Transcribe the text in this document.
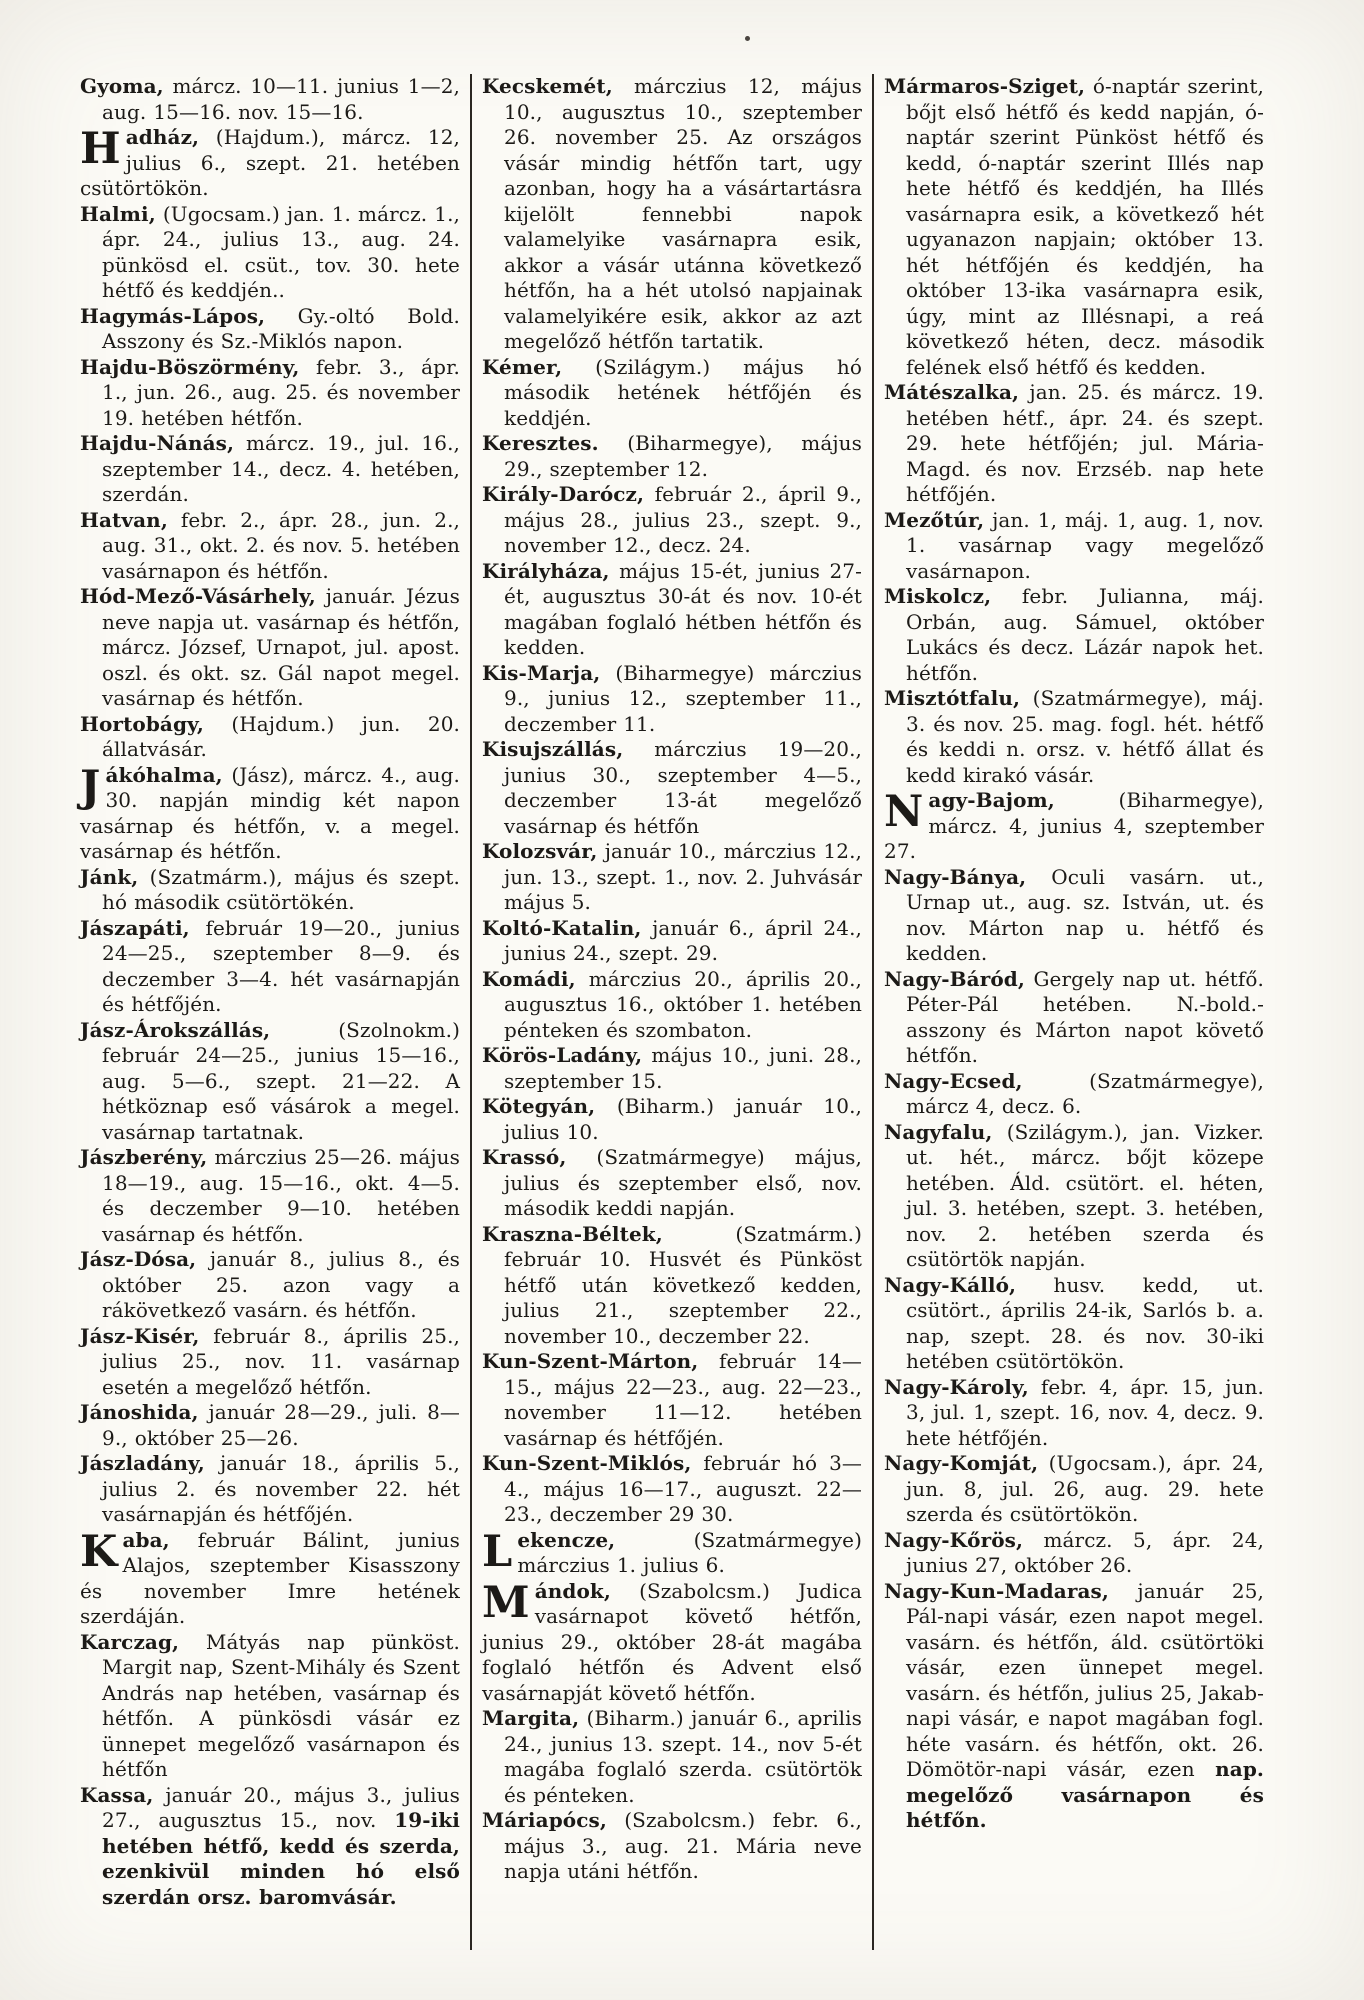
Gyoma, márcz. 10—11. junius 1—2, aug. 15—16. nov. 15—16.

Hadház, (Hajdum.), márcz. 12, julius 6., szept. 21. hetében csütörtökön.

Halmi, (Ugocsam.) jan. 1. márcz. 1., ápr. 24., julius 13., aug. 24. pünkösd el. csüt., tov. 30. hete hétfő és keddjén..

Hagymás-Lápos, Gy.-oltó Bold. Asszony és Sz.-Miklós napon.

Hajdu-Böszörmény, febr. 3., ápr. 1., jun. 26., aug. 25. és november 19. hetében hétfőn.

Hajdu-Nánás, márcz. 19., jul. 16., szeptember 14., decz. 4. hetében, szerdán.

Hatvan, febr. 2., ápr. 28., jun. 2., aug. 31., okt. 2. és nov. 5. hetében vasárnapon és hétfőn.

Hód-Mező-Vásárhely, január. Jézus neve napja ut. vasárnap és hétfőn, márcz. József, Urnapot, jul. apost. oszl. és okt. sz. Gál napot megel. vasárnap és hétfőn.

Hortobágy, (Hajdum.) jun. 20. állatvásár.

Jákóhalma, (Jász), márcz. 4., aug. 30. napján mindig két napon vasárnap és hétfőn, v. a megel. vasárnap és hétfőn.

Jánk, (Szatmárm.), május és szept. hó második csütörtökén.

Jászapáti, február 19—20., junius 24—25., szeptember 8—9. és deczember 3—4. hét vasárnapján és hétfőjén.

Jász-Árokszállás, (Szolnokm.) február 24—25., junius 15—16., aug. 5—6., szept. 21—22. A hétköznap eső vásárok a megel. vasárnap tartatnak.

Jászberény, márczius 25—26. május 18—19., aug. 15—16., okt. 4—5. és deczember 9—10. hetében vasárnap és hétfőn.

Jász-Dósa, január 8., julius 8., és október 25. azon vagy a rákövetkező vasárn. és hétfőn.

Jász-Kisér, február 8., április 25., julius 25., nov. 11. vasárnap esetén a megelőző hétfőn.

Jánoshida, január 28—29., juli. 8—9., október 25—26.

Jászladány, január 18., április 5., julius 2. és november 22. hét vasárnapján és hétfőjén.

Kaba, február Bálint, junius Alajos, szeptember Kisasszony és november Imre hetének szerdáján.

Karczag, Mátyás nap pünköst. Margit nap, Szent-Mihály és Szent András nap hetében, vasárnap és hétfőn. A pünkösdi vásár ez ünnepet megelőző vasárnapon és hétfőn

Kassa, január 20., május 3., julius 27., augusztus 15., nov. 19-iki hetében hétfő, kedd és szerda, ezenkivül minden hó első szerdán orsz. baromvásár.

Kecskemét, márczius 12, május 10., augusztus 10., szeptember 26. november 25. Az országos vásár mindig hétfőn tart, ugy azonban, hogy ha a vásártartásra kijelölt fennebbi napok valamelyike vasárnapra esik, akkor a vásár utánna következő hétfőn, ha a hét utolsó napjainak valamelyikére esik, akkor az azt megelőző hétfőn tartatik.

Kémer, (Szilágym.) május hó második hetének hétfőjén és keddjén.

Keresztes. (Biharmegye), május 29., szeptember 12.

Király-Darócz, február 2., ápril 9., május 28., julius 23., szept. 9., november 12., decz. 24.

Királyháza, május 15-ét, junius 27-ét, augusztus 30-át és nov. 10-ét magában foglaló hétben hétfőn és kedden.

Kis-Marja, (Biharmegye) márczius 9., junius 12., szeptember 11., deczember 11.

Kisujszállás, márczius 19—20., junius 30., szeptember 4—5., deczember 13-át megelőző vasárnap és hétfőn

Kolozsvár, január 10., márczius 12., jun. 13., szept. 1., nov. 2. Juhvásár május 5.

Koltó-Katalin, január 6., ápril 24., junius 24., szept. 29.

Komádi, márczius 20., április 20., augusztus 16., október 1. hetében pénteken és szombaton.

Körös-Ladány, május 10., juni. 28., szeptember 15.

Kötegyán, (Biharm.) január 10., julius 10.

Krassó, (Szatmármegye) május, julius és szeptember első, nov. második keddi napján.

Kraszna-Béltek, (Szatmárm.) február 10. Husvét és Pünköst hétfő után következő kedden, julius 21., szeptember 22., november 10., deczember 22.

Kun-Szent-Márton, február 14—15., május 22—23., aug. 22—23., november 11—12. hetében vasárnap és hétfőjén.

Kun-Szent-Miklós, február hó 3—4., május 16—17., auguszt. 22—23., deczember 29 30.

Lekencze, (Szatmármegye) márczius 1. julius 6.

Mándok, (Szabolcsm.) Judica vasárnapot követő hétfőn, junius 29., október 28-át magába foglaló hétfőn és Advent első vasárnapját követő hétfőn.

Margita, (Biharm.) január 6., aprilis 24., junius 13. szept. 14., nov 5-ét magába foglaló szerda. csütörtök és pénteken.

Máriapócs, (Szabolcsm.) febr. 6., május 3., aug. 21. Mária neve napja utáni hétfőn.

Mármaros-Sziget, ó-naptár szerint, bőjt első hétfő és kedd napján, ó-naptár szerint Pünköst hétfő és kedd, ó-naptár szerint Illés nap hete hétfő és keddjén, ha Illés vasárnapra esik, a következő hét ugyanazon napjain; október 13. hét hétfőjén és keddjén, ha október 13-ika vasárnapra esik, úgy, mint az Illésnapi, a reá következő héten, decz. második felének első hétfő és kedden.

Mátészalka, jan. 25. és márcz. 19. hetében hétf., ápr. 24. és szept. 29. hete hétfőjén; jul. Mária-Magd. és nov. Erzséb. nap hete hétfőjén.

Mezőtúr, jan. 1, máj. 1, aug. 1, nov. 1. vasárnap vagy megelőző vasárnapon.

Miskolcz, febr. Julianna, máj. Orbán, aug. Sámuel, október Lukács és decz. Lázár napok het. hétfőn.

Misztótfalu, (Szatmármegye), máj. 3. és nov. 25. mag. fogl. hét. hétfő és keddi n. orsz. v. hétfő állat és kedd kirakó vásár.

Nagy-Bajom, (Biharmegye), márcz. 4, junius 4, szeptember 27.

Nagy-Bánya, Oculi vasárn. ut., Urnap ut., aug. sz. István, ut. és nov. Márton nap u. hétfő és kedden.

Nagy-Báród, Gergely nap ut. hétfő. Péter-Pál hetében. N.-bold.-asszony és Márton napot követő hétfőn.

Nagy-Ecsed, (Szatmármegye), márcz 4, decz. 6.

Nagyfalu, (Szilágym.), jan. Vizker. ut. hét., márcz. bőjt közepe hetében. Áld. csütört. el. héten, jul. 3. hetében, szept. 3. hetében, nov. 2. hetében szerda és csütörtök napján.

Nagy-Kálló, husv. kedd, ut. csütört., április 24-ik, Sarlós b. a. nap, szept. 28. és nov. 30-iki hetében csütörtökön.

Nagy-Károly, febr. 4, ápr. 15, jun. 3, jul. 1, szept. 16, nov. 4, decz. 9. hete hétfőjén.

Nagy-Komját, (Ugocsam.), ápr. 24, jun. 8, jul. 26, aug. 29. hete szerda és csütörtökön.

Nagy-Kőrös, márcz. 5, ápr. 24, junius 27, október 26.

Nagy-Kun-Madaras, január 25, Pál-napi vásár, ezen napot megel. vasárn. és hétfőn, áld. csütörtöki vásár, ezen ünnepet megel. vasárn. és hétfőn, julius 25, Jakab-napi vásár, e napot magában fogl. héte vasárn. és hétfőn, okt. 26. Dömötör-napi vásár, ezen nap. megelőző vasárnapon és hétfőn.
